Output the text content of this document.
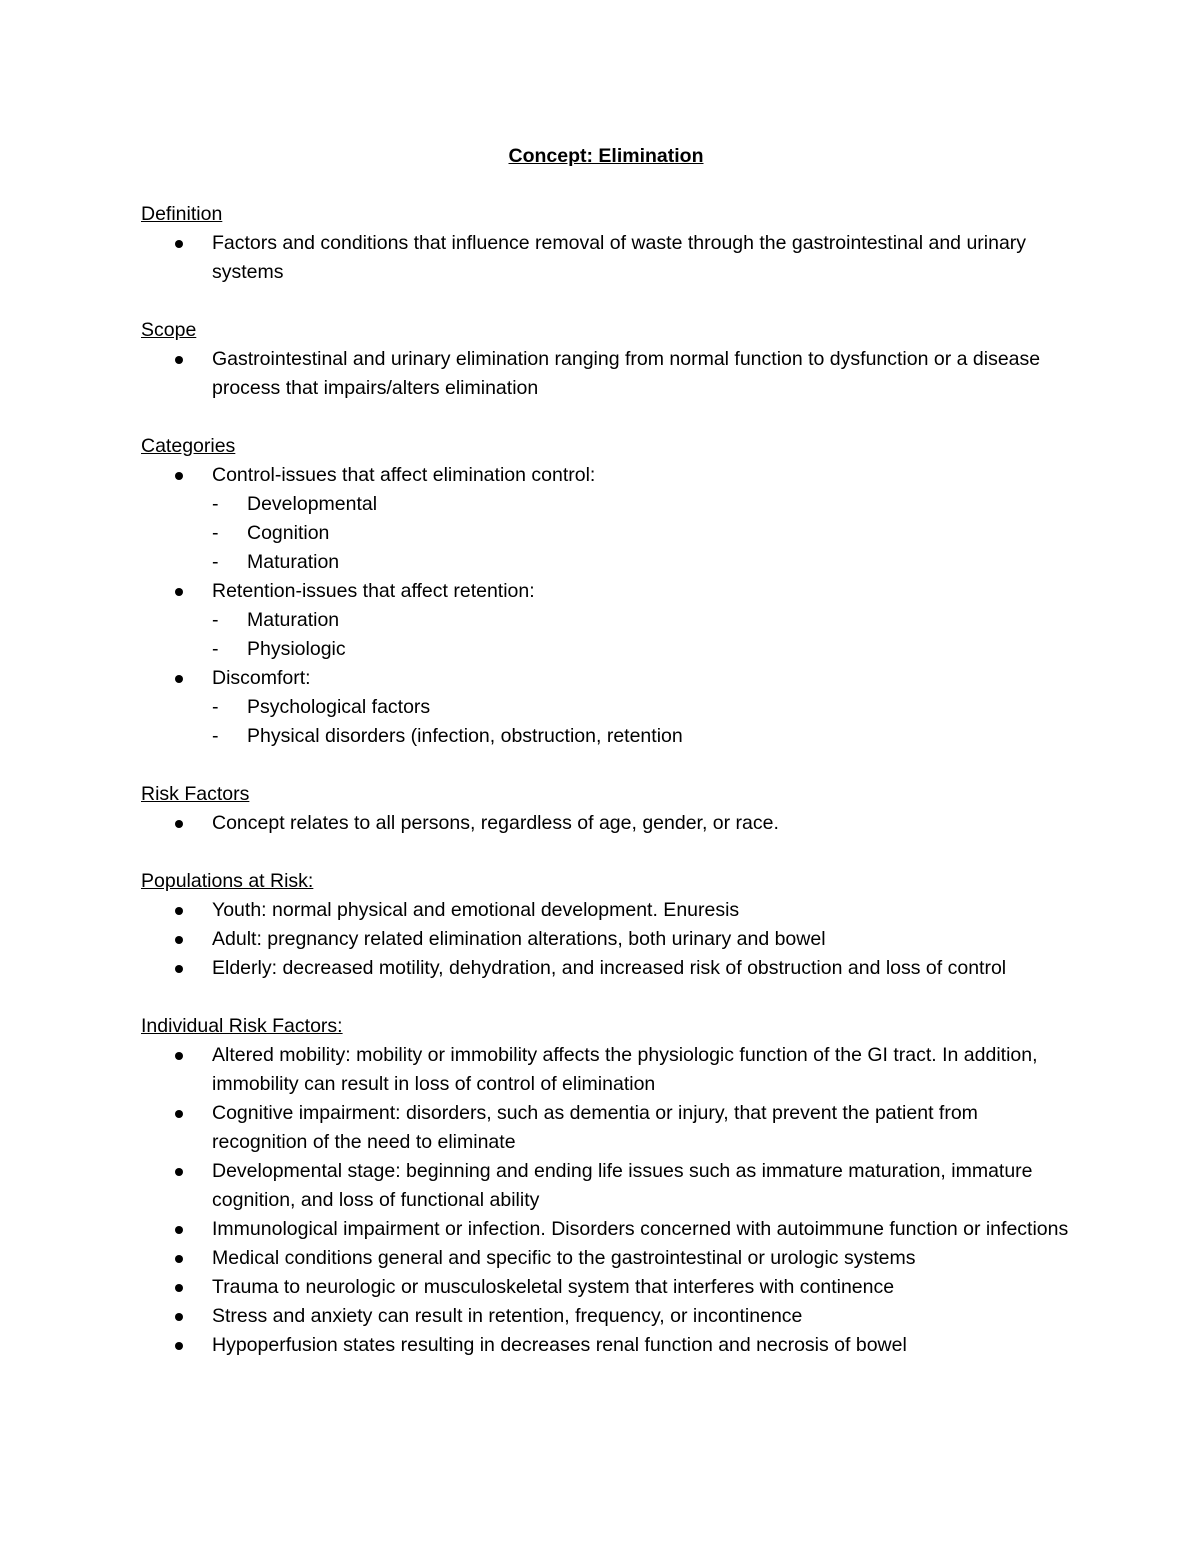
Concept: Elimination
Definition
Factors and conditions that influence removal of waste through the gastrointestinal and urinary systems
Scope
Gastrointestinal and urinary elimination ranging from normal function to dysfunction or a disease process that impairs/alters elimination
Categories
Control-issues that affect elimination control:
- Developmental
- Cognition
- Maturation
Retention-issues that affect retention:
- Maturation
- Physiologic
Discomfort:
- Psychological factors
- Physical disorders (infection, obstruction, retention
Risk Factors
Concept relates to all persons, regardless of age, gender, or race.
Populations at Risk:
Youth: normal physical and emotional development. Enuresis
Adult: pregnancy related elimination alterations, both urinary and bowel
Elderly: decreased motility, dehydration, and increased risk of obstruction and loss of control
Individual Risk Factors:
Altered mobility: mobility or immobility affects the physiologic function of the GI tract. In addition, immobility can result in loss of control of elimination
Cognitive impairment: disorders, such as dementia or injury, that prevent the patient from recognition of the need to eliminate
Developmental stage: beginning and ending life issues such as immature maturation, immature cognition, and loss of functional ability
Immunological impairment or infection. Disorders concerned with autoimmune function or infections
Medical conditions general and specific to the gastrointestinal or urologic systems
Trauma to neurologic or musculoskeletal system that interferes with continence
Stress and anxiety can result in retention, frequency, or incontinence
Hypoperfusion states resulting in decreases renal function and necrosis of bowel
